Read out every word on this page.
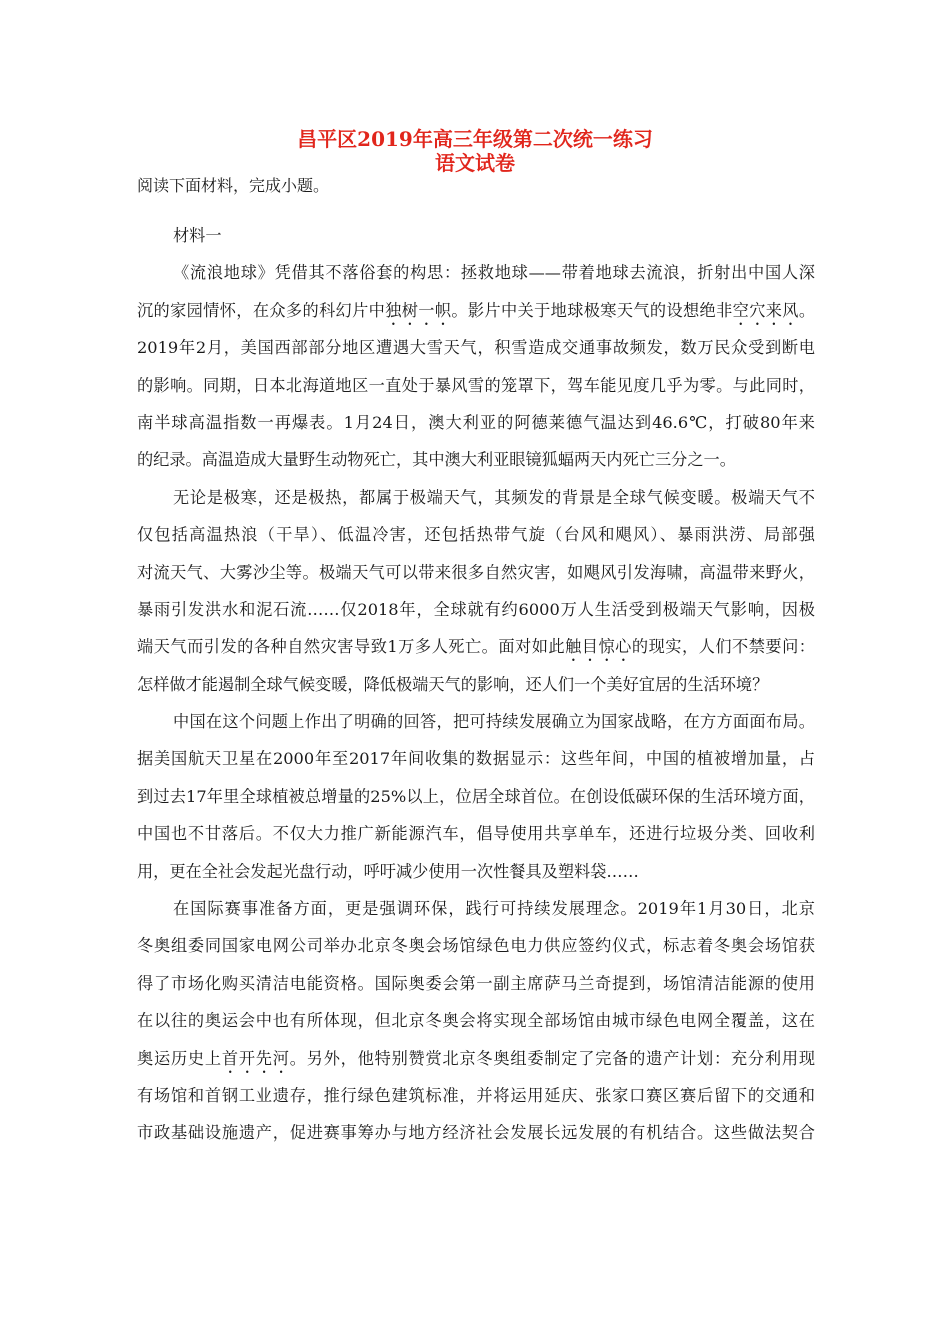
昌平区2019年高三年级第二次统一练习
语文试卷
阅读下面材料，完成小题。
材料一
《流浪地球》凭借其不落俗套的构思：拯救地球——带着地球去流浪，折射出中国人深
沉的家园情怀，在众多的科幻片中独树一帜。影片中关于地球极寒天气的设想绝非空穴来风。
2019年2月，美国西部部分地区遭遇大雪天气，积雪造成交通事故频发，数万民众受到断电
的影响。同期，日本北海道地区一直处于暴风雪的笼罩下，驾车能见度几乎为零。与此同时，
南半球高温指数一再爆表。1月24日，澳大利亚的阿德莱德气温达到46.6℃，打破80年来
的纪录。高温造成大量野生动物死亡，其中澳大利亚眼镜狐蝠两天内死亡三分之一。
无论是极寒，还是极热，都属于极端天气，其频发的背景是全球气候变暖。极端天气不
仅包括高温热浪（干旱）、低温冷害，还包括热带气旋（台风和飓风）、暴雨洪涝、局部强
对流天气、大雾沙尘等。极端天气可以带来很多自然灾害，如飓风引发海啸，高温带来野火，
暴雨引发洪水和泥石流……仅2018年，全球就有约6000万人生活受到极端天气影响，因极
端天气而引发的各种自然灾害导致1万多人死亡。面对如此触目惊心的现实，人们不禁要问：
怎样做才能遏制全球气候变暖，降低极端天气的影响，还人们一个美好宜居的生活环境？
中国在这个问题上作出了明确的回答，把可持续发展确立为国家战略，在方方面面布局。
据美国航天卫星在2000年至2017年间收集的数据显示：这些年间，中国的植被增加量，占
到过去17年里全球植被总增量的25%以上，位居全球首位。在创设低碳环保的生活环境方面，
中国也不甘落后。不仅大力推广新能源汽车，倡导使用共享单车，还进行垃圾分类、回收利
用，更在全社会发起光盘行动，呼吁减少使用一次性餐具及塑料袋……
在国际赛事准备方面，更是强调环保，践行可持续发展理念。2019年1月30日，北京
冬奥组委同国家电网公司举办北京冬奥会场馆绿色电力供应签约仪式，标志着冬奥会场馆获
得了市场化购买清洁电能资格。国际奥委会第一副主席萨马兰奇提到，场馆清洁能源的使用
在以往的奥运会中也有所体现，但北京冬奥会将实现全部场馆由城市绿色电网全覆盖，这在
奥运历史上首开先河。另外，他特别赞赏北京冬奥组委制定了完备的遗产计划：充分利用现
有场馆和首钢工业遗存，推行绿色建筑标准，并将运用延庆、张家口赛区赛后留下的交通和
市政基础设施遗产，促进赛事筹办与地方经济社会发展长远发展的有机结合。这些做法契合
